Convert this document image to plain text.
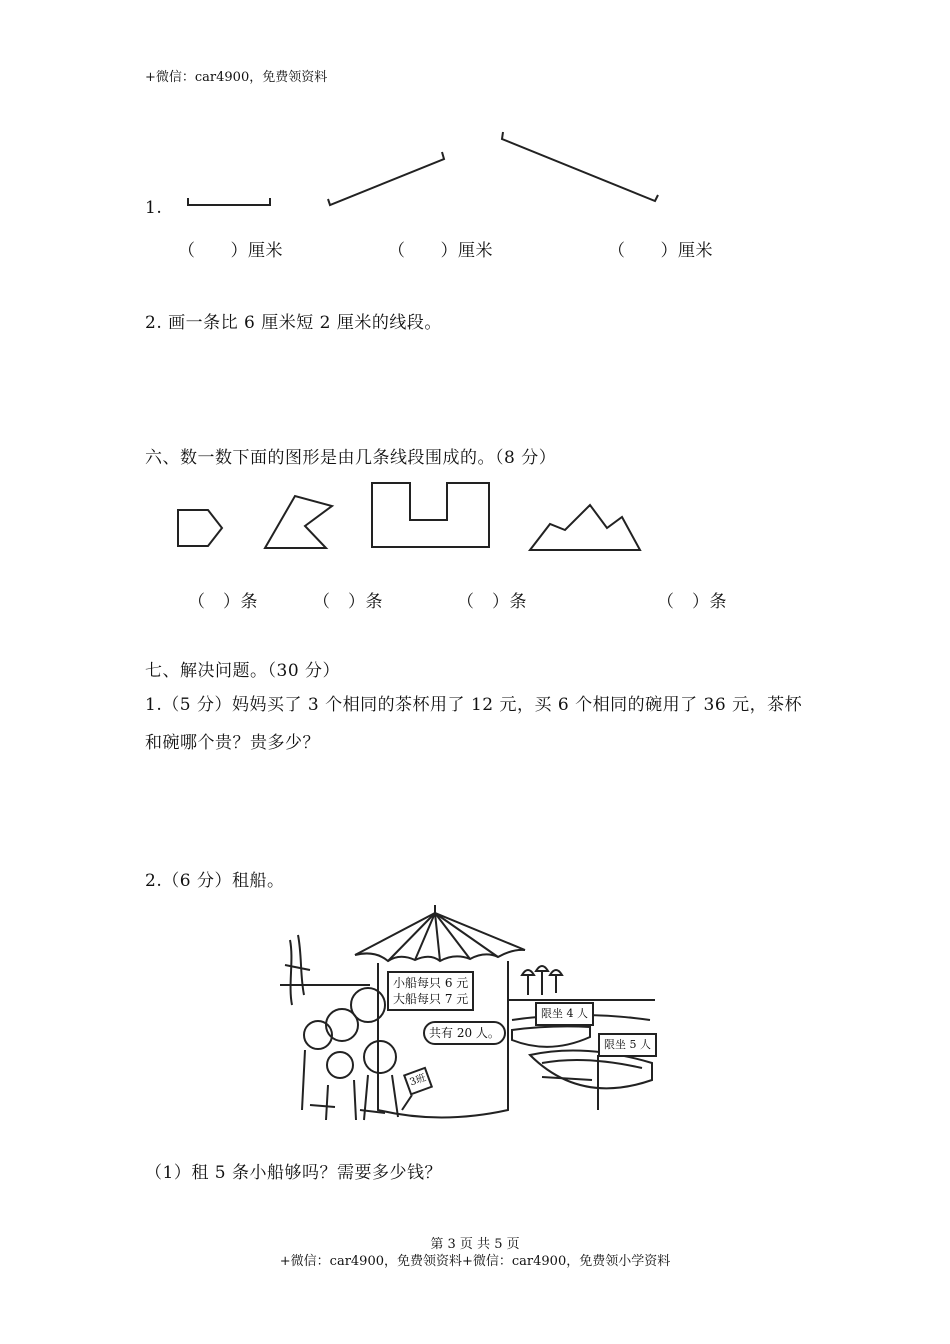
+微信：car4900，免费领资料
1.
（　　）厘米	（　　）厘米	（　　）厘米
2. 画一条比 6 厘米短 2 厘米的线段。
六、数一数下面的图形是由几条线段围成的。（8 分）
（　）条	（　）条	（　）条	（　）条
七、解决问题。（30 分）
1.（5 分）妈妈买了 3 个相同的茶杯用了 12 元，买 6 个相同的碗用了 36 元，茶杯
和碗哪个贵？贵多少？
2.（6 分）租船。
小船每只 6 元
大船每只 7 元
共有 20 人。
限坐 4 人
限坐 5 人
3班
（1）租 5 条小船够吗？需要多少钱？
第 3 页 共 5 页
+微信：car4900，免费领资料+微信：car4900，免费领小学资料
